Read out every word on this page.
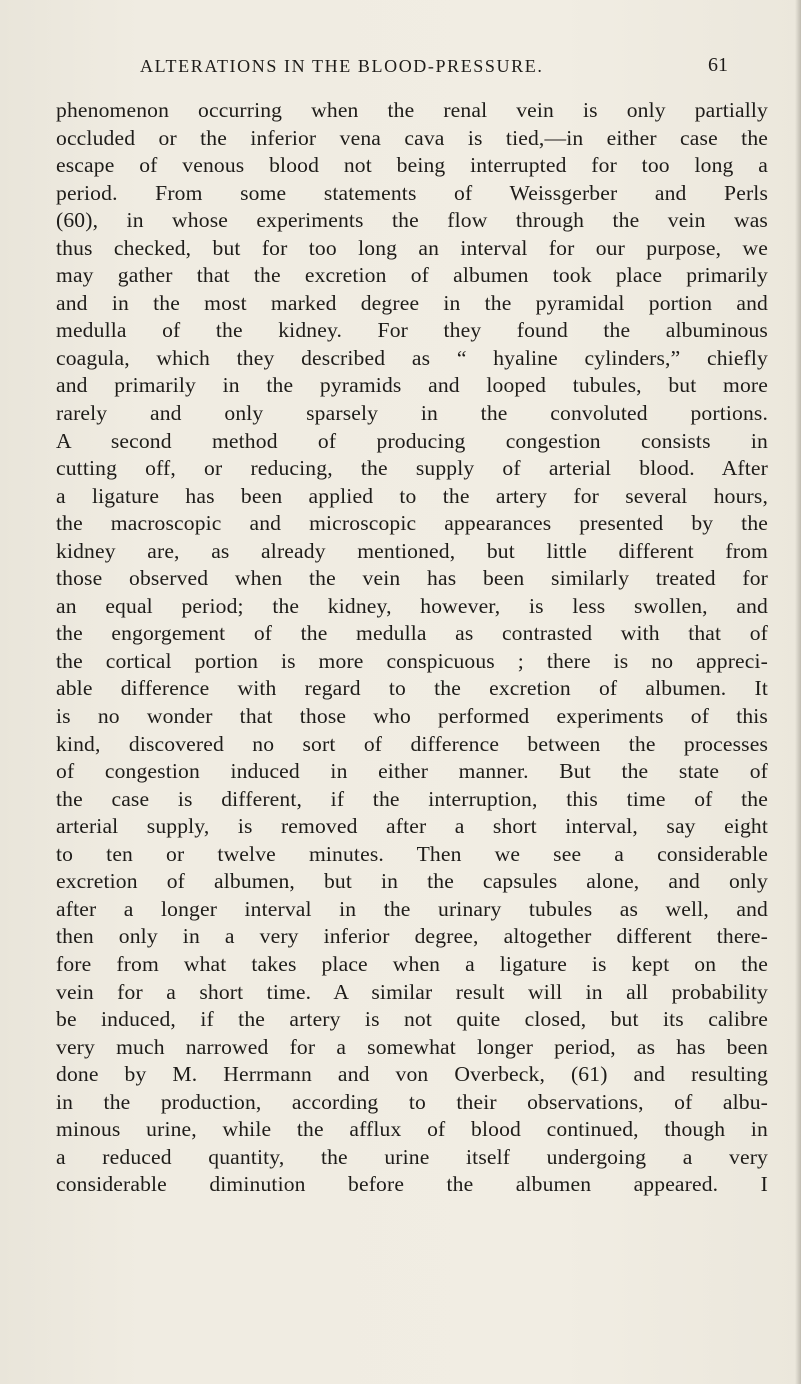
ALTERATIONS IN THE BLOOD-PRESSURE.	61
phenomenon occurring when the renal vein is only partially
occluded or the inferior vena cava is tied,—in either case the
escape of venous blood not being interrupted for too long a
period. From some statements of Weissgerber and Perls
(60), in whose experiments the flow through the vein was
thus checked, but for too long an interval for our purpose, we
may gather that the excretion of albumen took place primarily
and in the most marked degree in the pyramidal portion and
medulla of the kidney. For they found the albuminous
coagula, which they described as “ hyaline cylinders,” chiefly
and primarily in the pyramids and looped tubules, but more
rarely and only sparsely in the convoluted portions.
A second method of producing congestion consists in
cutting off, or reducing, the supply of arterial blood. After
a ligature has been applied to the artery for several hours,
the macroscopic and microscopic appearances presented by the
kidney are, as already mentioned, but little different from
those observed when the vein has been similarly treated for
an equal period; the kidney, however, is less swollen, and
the engorgement of the medulla as contrasted with that of
the cortical portion is more conspicuous ; there is no appreci-
able difference with regard to the excretion of albumen. It
is no wonder that those who performed experiments of this
kind, discovered no sort of difference between the processes
of congestion induced in either manner. But the state of
the case is different, if the interruption, this time of the
arterial supply, is removed after a short interval, say eight
to ten or twelve minutes. Then we see a considerable
excretion of albumen, but in the capsules alone, and only
after a longer interval in the urinary tubules as well, and
then only in a very inferior degree, altogether different there-
fore from what takes place when a ligature is kept on the
vein for a short time. A similar result will in all probability
be induced, if the artery is not quite closed, but its calibre
very much narrowed for a somewhat longer period, as has been
done by M. Herrmann and von Overbeck, (61) and resulting
in the production, according to their observations, of albu-
minous urine, while the afflux of blood continued, though in
a reduced quantity, the urine itself undergoing a very
considerable diminution before the albumen appeared. I
